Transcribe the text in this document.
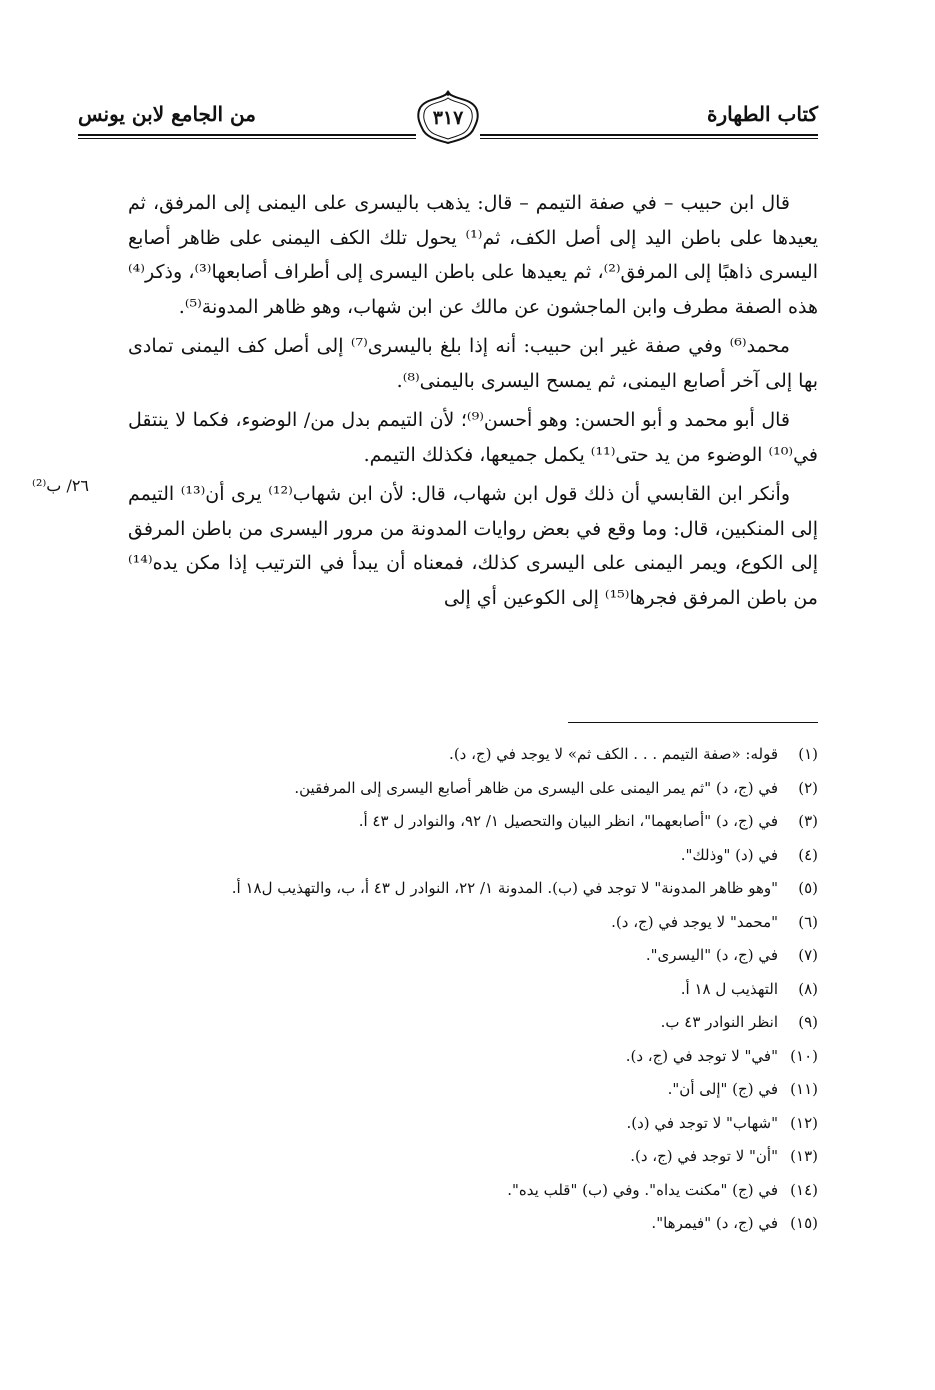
كتاب الطهارة
من الجامع لابن يونس	٣١٧
٢٦/ ب⁽²⁾

قال ابن حبيب – في صفة التيمم – قال: يذهب باليسرى على اليمنى إلى المرفق، ثم يعيدها على باطن اليد إلى أصل الكف، ثم⁽¹⁾ يحول تلك الكف اليمنى على ظاهر أصابع اليسرى ذاهبًا إلى المرفق⁽²⁾، ثم يعيدها على باطن اليسرى إلى أطراف أصابعها⁽³⁾، وذكر⁽⁴⁾ هذه الصفة مطرف وابن الماجشون عن مالك عن ابن شهاب، وهو ظاهر المدونة⁽⁵⁾.

محمد⁽⁶⁾ وفي صفة غير ابن حبيب: أنه إذا بلغ باليسرى⁽⁷⁾ إلى أصل كف اليمنى تمادى بها إلى آخر أصابع اليمنى، ثم يمسح اليسرى باليمنى⁽⁸⁾.

قال أبو محمد و أبو الحسن: وهو أحسن⁽⁹⁾؛ لأن التيمم بدل من/ الوضوء، فكما لا ينتقل في⁽¹⁰⁾ الوضوء من يد حتى⁽¹¹⁾ يكمل جميعها، فكذلك التيمم.

وأنكر ابن القابسي أن ذلك قول ابن شهاب، قال: لأن ابن شهاب⁽¹²⁾ يرى أن⁽¹³⁾ التيمم إلى المنكبين، قال: وما وقع في بعض روايات المدونة من مرور اليسرى من باطن المرفق إلى الكوع، ويمر اليمنى على اليسرى كذلك، فمعناه أن يبدأ في الترتيب إذا مكن يده⁽¹⁴⁾ من باطن المرفق فجرها⁽¹⁵⁾ إلى الكوعين أي إلى

(١)
قوله: «صفة التيمم . . . الكف ثم» لا يوجد في (ج، د).
(٢)
في (ج، د) "ثم يمر اليمنى على اليسرى من ظاهر أصابع اليسرى إلى المرفقين.
(٣)
في (ج، د) "أصابعهما"، انظر البيان والتحصيل ١/ ٩٢، والنوادر ل ٤٣ أ.
(٤)
في (د) "وذلك".
(٥)
"وهو ظاهر المدونة" لا توجد في (ب). المدونة ١/ ٢٢، النوادر ل ٤٣ أ، ب، والتهذيب ل١٨ أ.
(٦)
"محمد" لا يوجد في (ج، د).
(٧)
في (ج، د) "اليسرى".
(٨)
التهذيب ل ١٨ أ.
(٩)
انظر النوادر ٤٣ ب.
(١٠)
"في" لا توجد في (ج، د).
(١١)
في (ج) "إلى أن".
(١٢)
"شهاب" لا توجد في (د).
(١٣)
"أن" لا توجد في (ج، د).
(١٤)
في (ج) "مكنت يداه". وفي (ب) "قلب يده".
(١٥)
في (ج، د) "فيمرها".
